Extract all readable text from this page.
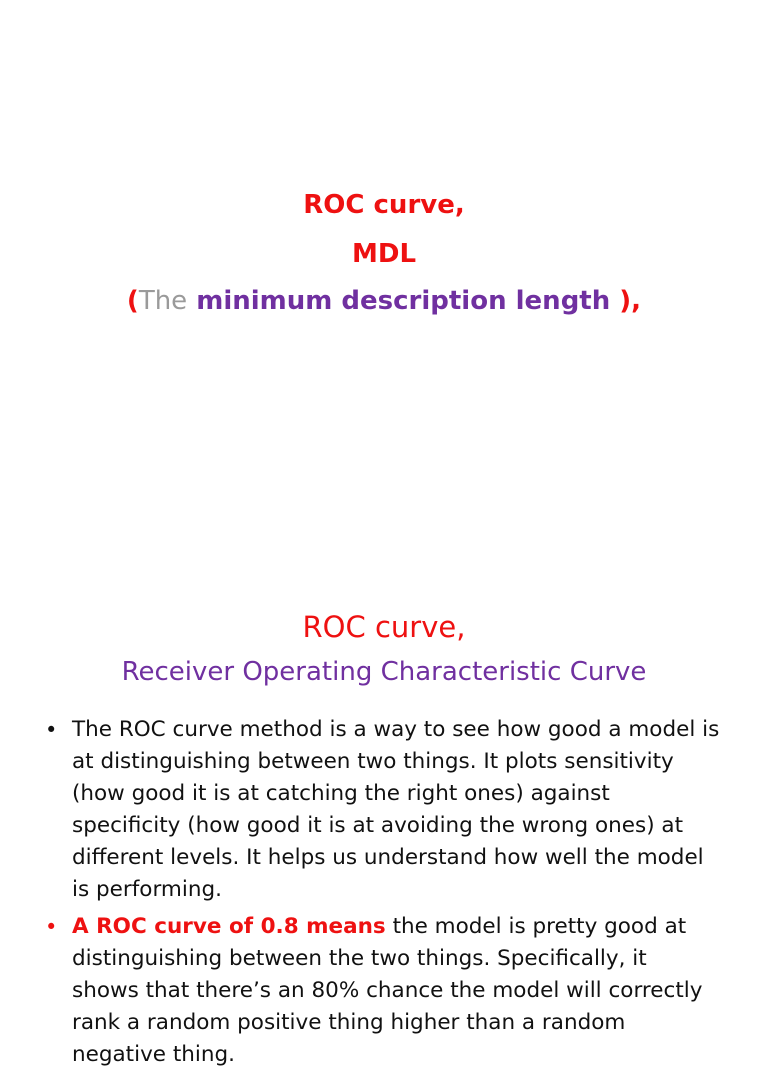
ROC curve,
MDL
(The minimum description length ),
ROC curve,
Receiver Operating Characteristic Curve
• The ROC curve method is a way to see how good a model is at distinguishing between two things. It plots sensitivity (how good it is at catching the right ones) against specificity (how good it is at avoiding the wrong ones) at different levels. It helps us understand how well the model is performing.
• A ROC curve of 0.8 means the model is pretty good at distinguishing between the two things. Specifically, it shows that there’s an 80% chance the model will correctly rank a random positive thing higher than a random negative thing.
